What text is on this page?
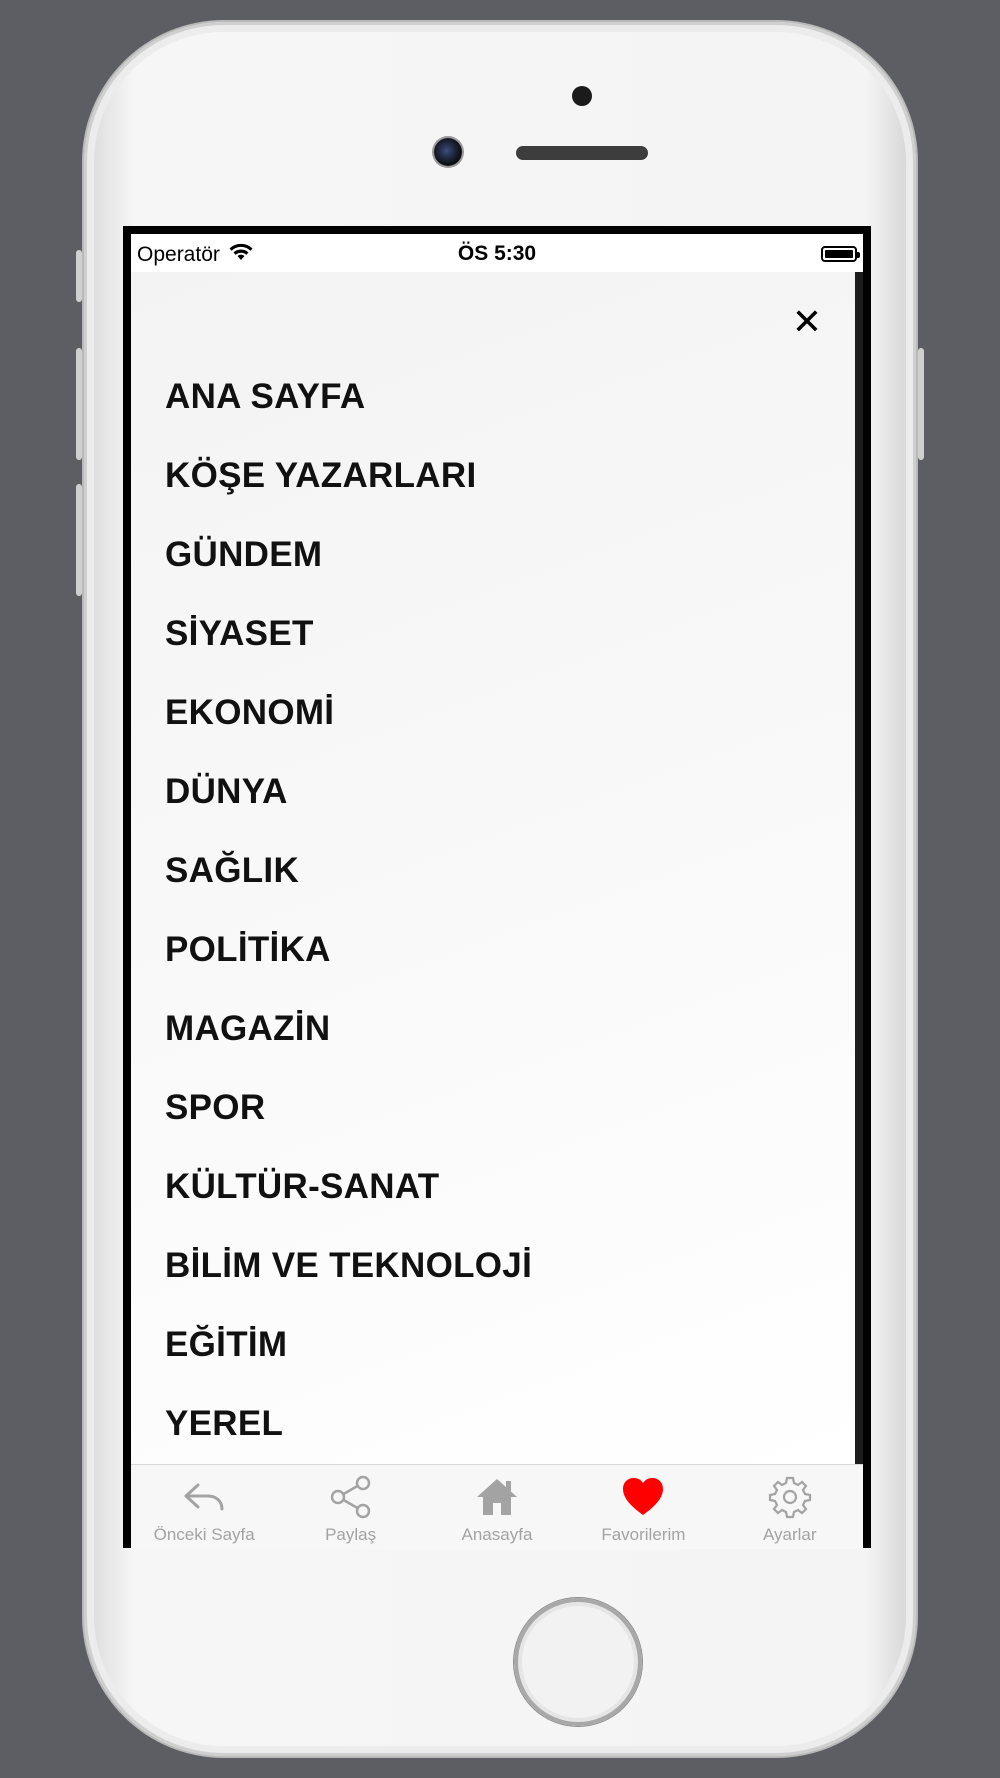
Operatör	ÖS 5:30
✕
ANA SAYFA
KÖŞE YAZARLARI
GÜNDEM
SİYASET
EKONOMİ
DÜNYA
SAĞLIK
POLİTİKA
MAGAZİN
SPOR
KÜLTÜR-SANAT
BİLİM VE TEKNOLOJİ
EĞİTİM
YEREL
Önceki Sayfa	Paylaş	Anasayfa	Favorilerim	Ayarlar
